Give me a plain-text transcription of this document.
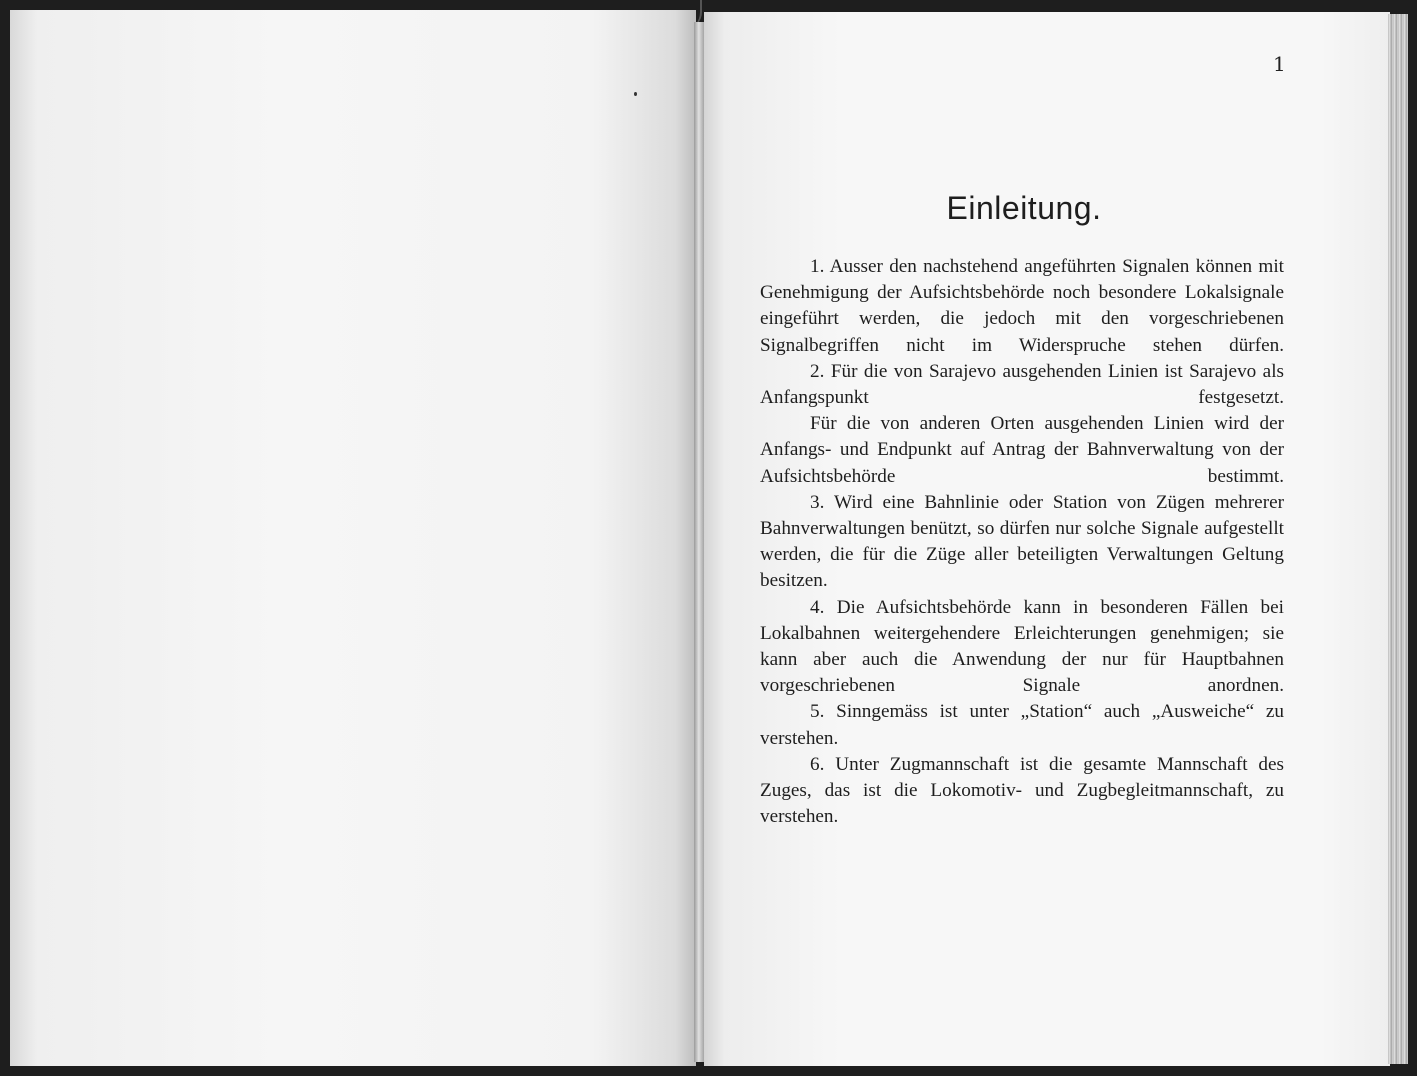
1
Einleitung.

1. Ausser den nachstehend angeführten Signalen können mit Genehmigung der Aufsichtsbehörde noch besondere Lokalsignale eingeführt werden, die jedoch mit den vorgeschriebenen Signalbegriffen nicht im Widerspruche stehen dürfen.

2. Für die von Sarajevo ausgehenden Linien ist Sarajevo als Anfangspunkt festgesetzt.

Für die von anderen Orten ausgehenden Linien wird der Anfangs- und Endpunkt auf Antrag der Bahnverwaltung von der Aufsichtsbehörde bestimmt.

3. Wird eine Bahnlinie oder Station von Zügen mehrerer Bahnverwaltungen benützt, so dürfen nur solche Signale aufgestellt werden, die für die Züge aller beteiligten Verwaltungen Geltung besitzen.

4. Die Aufsichtsbehörde kann in besonderen Fällen bei Lokalbahnen weitergehendere Erleichterungen genehmigen; sie kann aber auch die Anwendung der nur für Hauptbahnen vorgeschriebenen Signale anordnen.

5. Sinngemäss ist unter „Station“ auch „Ausweiche“ zu verstehen.

6. Unter Zugmannschaft ist die gesamte Mannschaft des Zuges, das ist die Lokomotiv- und Zugbegleitmannschaft, zu verstehen.
